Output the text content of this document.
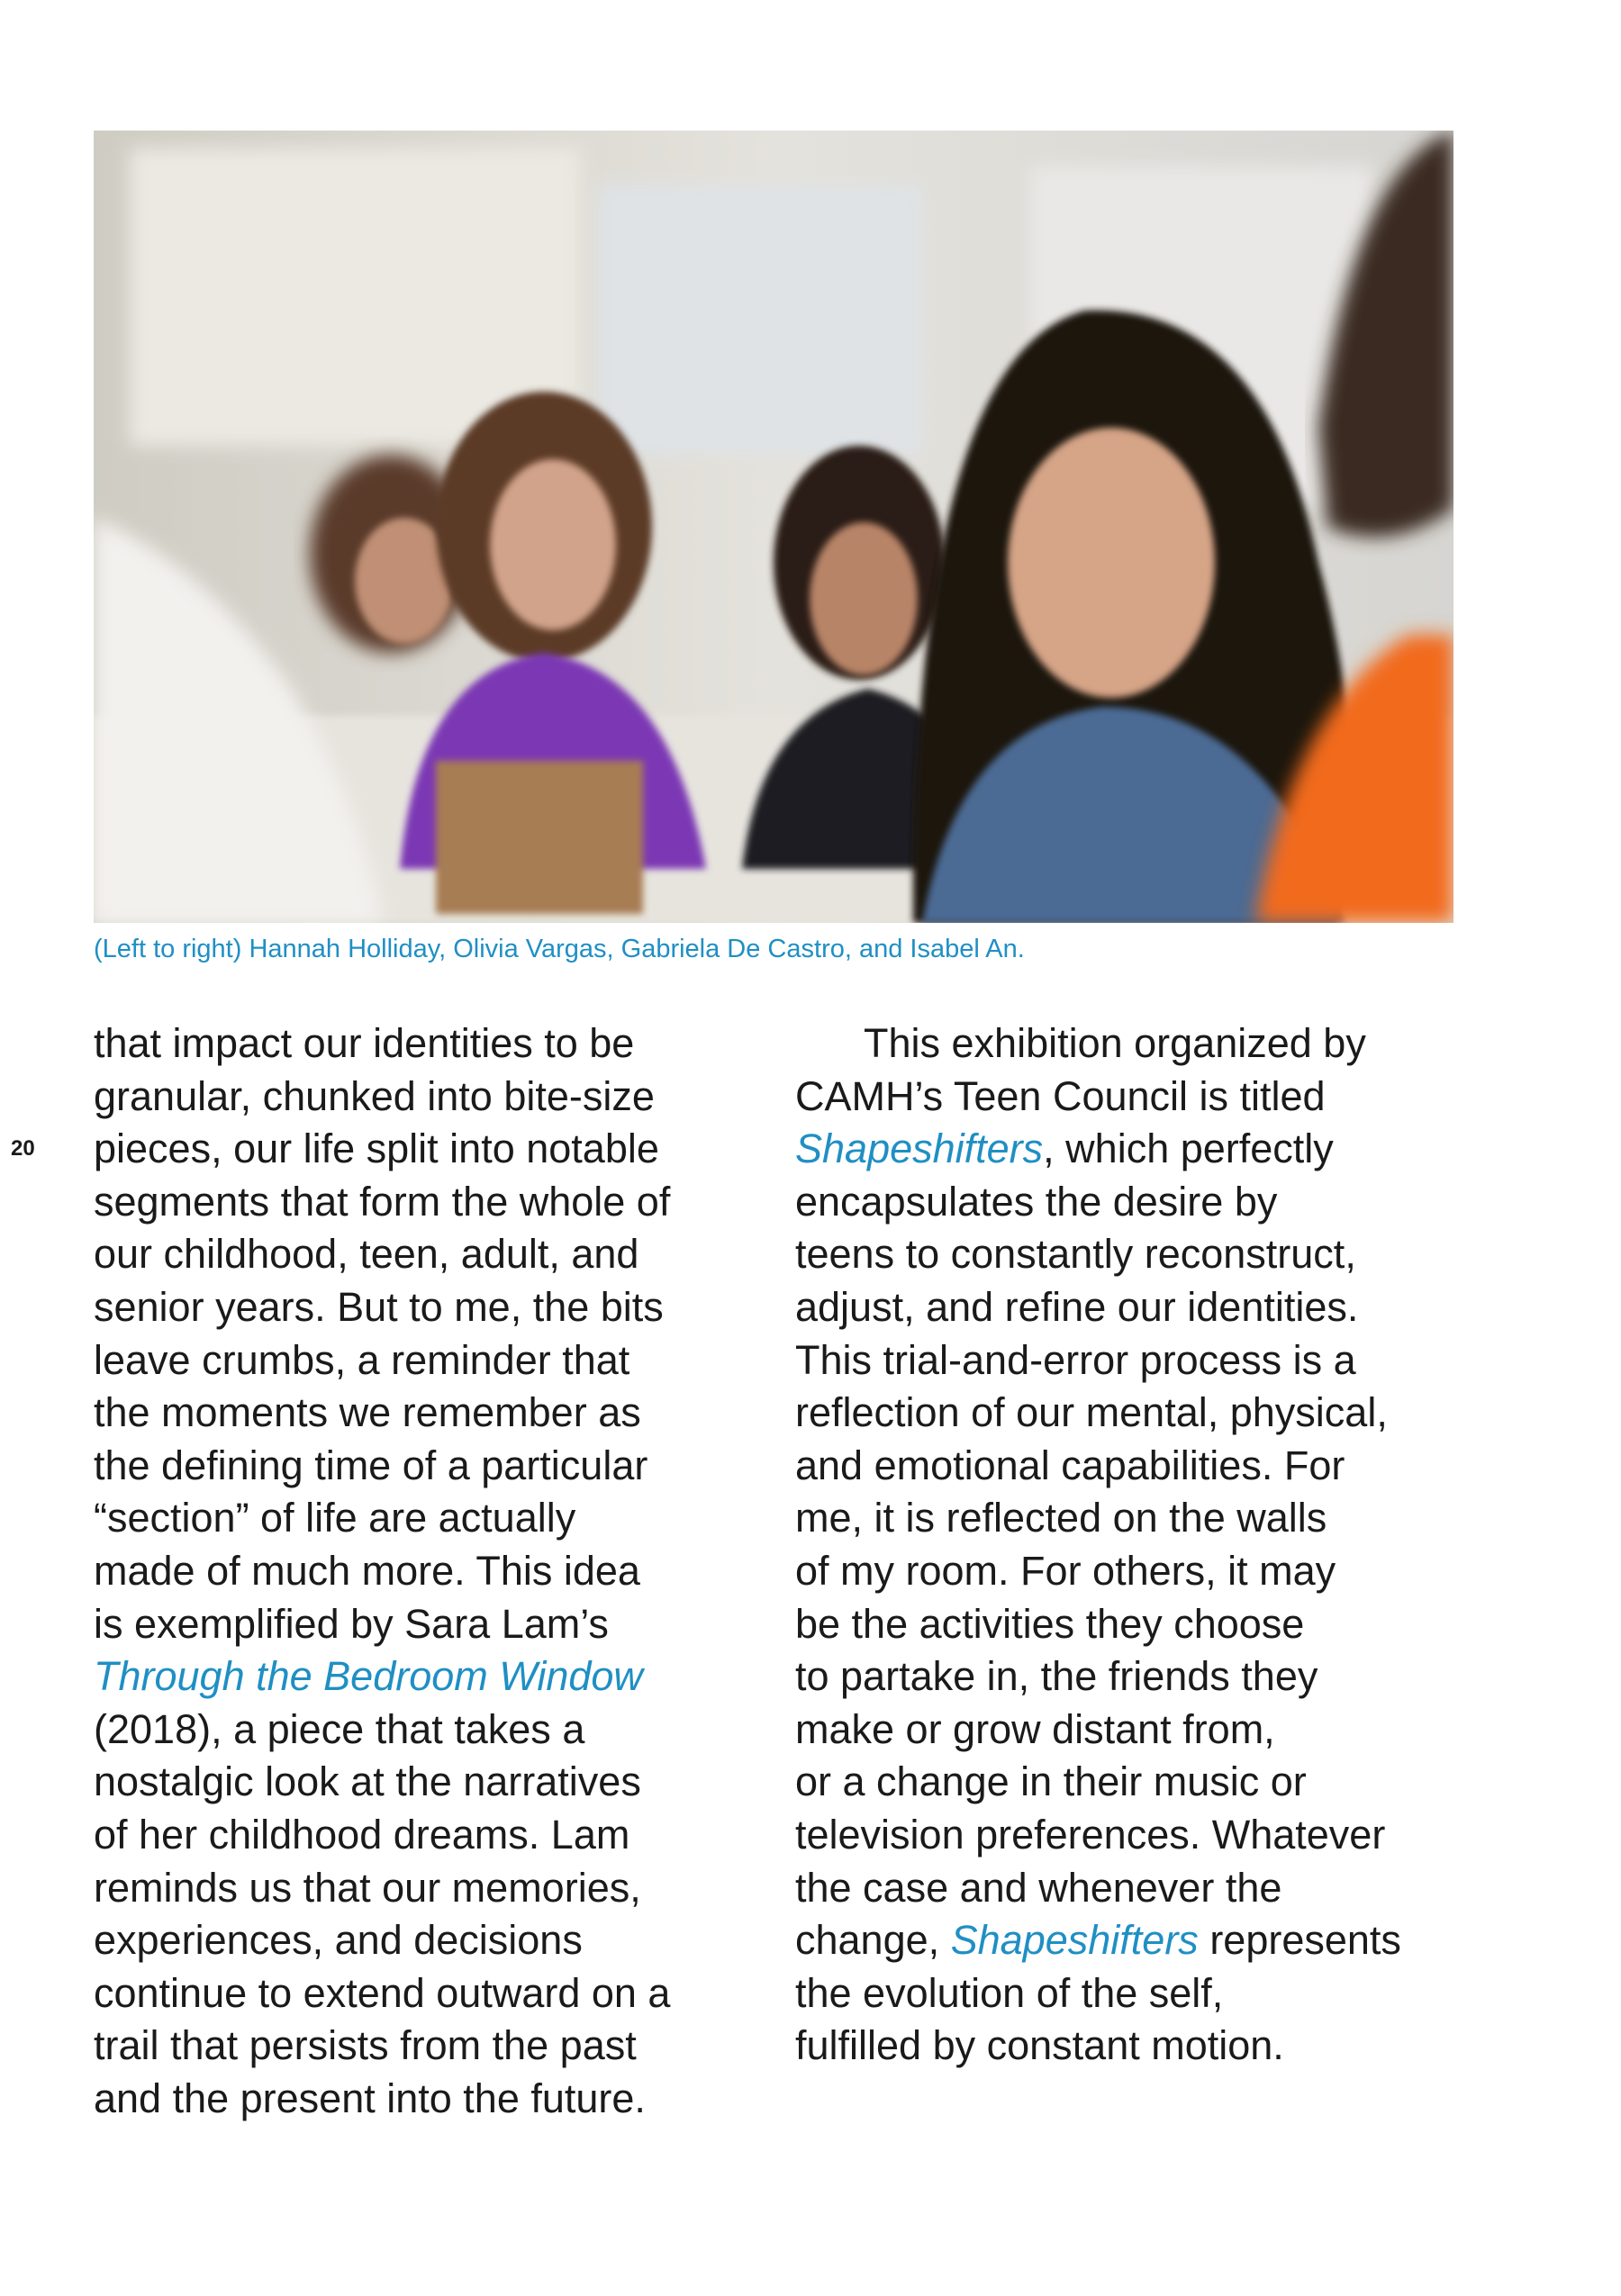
(Left to right) Hannah Holliday, Olivia Vargas, Gabriela De Castro, and Isabel An.
20
that impact our identities to be
granular, chunked into bite-size
pieces, our life split into notable
segments that form the whole of
our childhood, teen, adult, and
senior years. But to me, the bits
leave crumbs, a reminder that
the moments we remember as
the defining time of a particular
“section” of life are actually
made of much more. This idea
is exemplified by Sara Lam’s
Through the Bedroom Window
(2018), a piece that takes a
nostalgic look at the narratives
of her childhood dreams. Lam
reminds us that our memories,
experiences, and decisions
continue to extend outward on a
trail that persists from the past
and the present into the future.
This exhibition organized by
CAMH’s Teen Council is titled
Shapeshifters, which perfectly
encapsulates the desire by
teens to constantly reconstruct,
adjust, and refine our identities.
This trial-and-error process is a
reflection of our mental, physical,
and emotional capabilities. For
me, it is reflected on the walls
of my room. For others, it may
be the activities they choose
to partake in, the friends they
make or grow distant from,
or a change in their music or
television preferences. Whatever
the case and whenever the
change, Shapeshifters represents
the evolution of the self,
fulfilled by constant motion.
